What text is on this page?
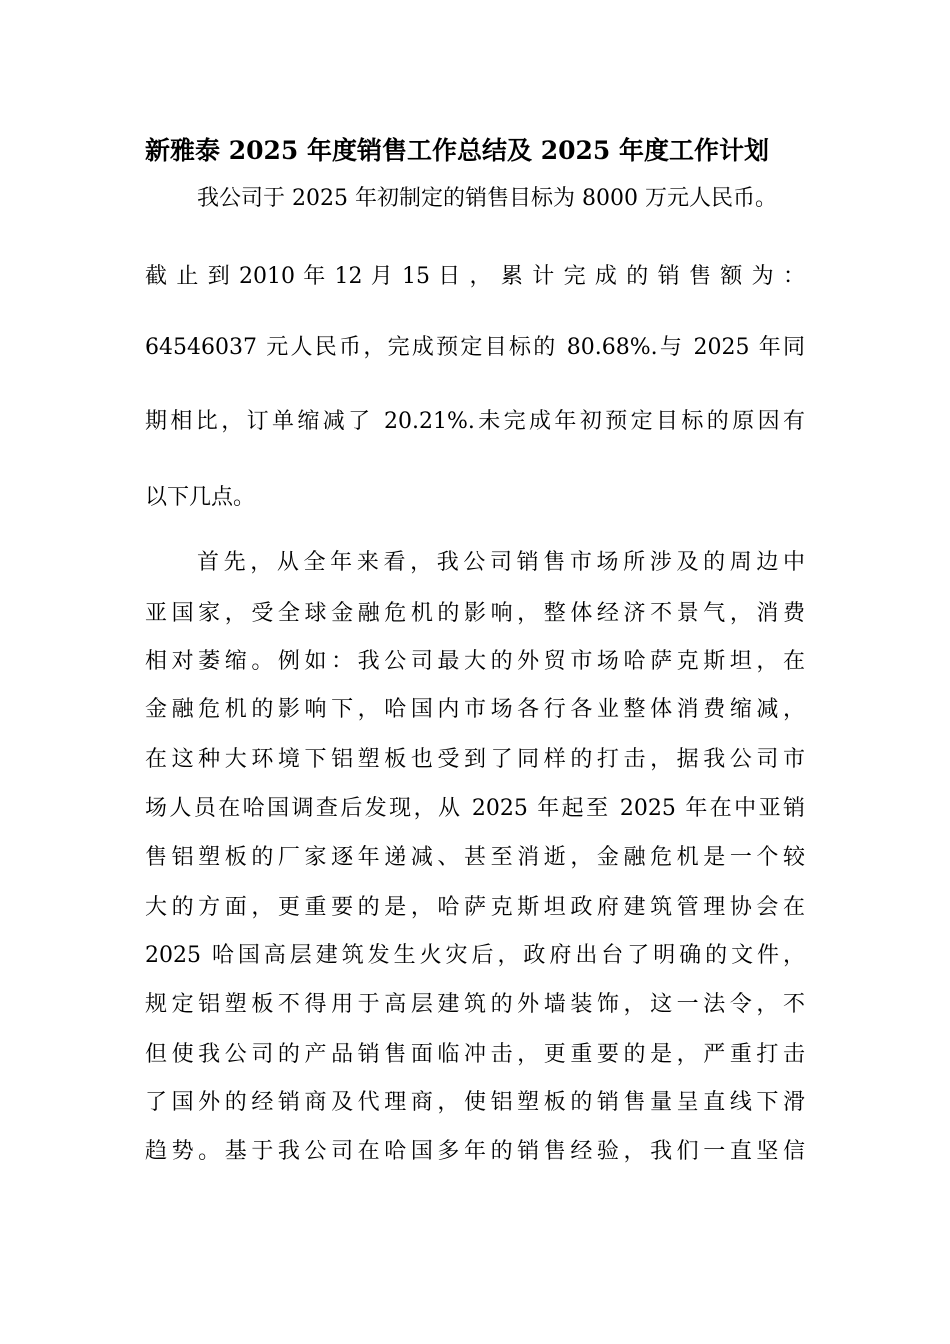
新雅泰 2025 年度销售工作总结及 2025 年度工作计划

我公司于 2025 年初制定的销售目标为 8000 万元人民币。

截 止 到 2010 年 12 月 15 日 ， 累 计 完 成 的 销 售 额 为 ：

64546037 元人民币，完成预定目标的 80.68%.与 2025 年同

期相比，订单缩减了 20.21%.未完成年初预定目标的原因有

以下几点。

首先，从全年来看，我公司销售市场所涉及的周边中

亚国家，受全球金融危机的影响，整体经济不景气，消费

相对萎缩。例如：我公司最大的外贸市场哈萨克斯坦，在

金融危机的影响下，哈国内市场各行各业整体消费缩减，

在这种大环境下铝塑板也受到了同样的打击，据我公司市

场人员在哈国调查后发现，从 2025 年起至 2025 年在中亚销

售铝塑板的厂家逐年递减、甚至消逝，金融危机是一个较

大的方面，更重要的是，哈萨克斯坦政府建筑管理协会在

2025 哈国高层建筑发生火灾后，政府出台了明确的文件，

规定铝塑板不得用于高层建筑的外墙装饰，这一法令，不

但使我公司的产品销售面临冲击，更重要的是，严重打击

了国外的经销商及代理商，使铝塑板的销售量呈直线下滑

趋势。基于我公司在哈国多年的销售经验，我们一直坚信
